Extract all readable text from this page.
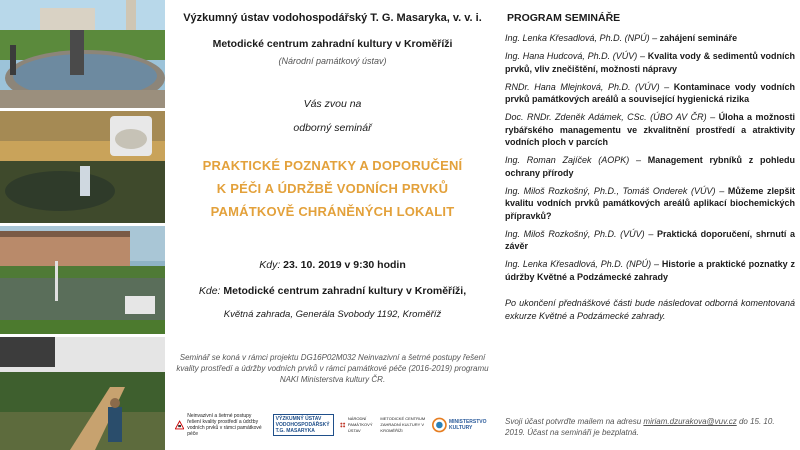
Výzkumný ústav vodohospodářský T. G. Masaryka, v. v. i.
Metodické centrum zahradní kultury v Kroměříži
(Národní památkový ústav)
Vás zvou na
odborný seminář
PRAKTICKÉ POZNATKY A DOPORUČENÍ
K PÉČI A ÚDRŽBĚ VODNÍCH PRVKŮ
PAMÁTKOVĚ CHRÁNĚNÝCH LOKALIT
Kdy: 23. 10. 2019 v 9:30 hodin
Kde: Metodické centrum zahradní kultury v Kroměříži,
Květná zahrada, Generála Svobody 1192, Kroměříž
Seminář se koná v rámci projektu DG16P02M032 Neinvazivní a šetrné postupy řešení kvality prostředí a údržby vodních prvků v rámci památkové péče (2016-2019) programu NAKI Ministerstva kultury ČR.
Neinvazivní a šetrné postupy řešení kvality prostředí a údržby vodních prvků v rámci památkové péče
VÝZKUMNÝ ÚSTAV VODOHOSPODÁŘSKÝ T.G. MASARYKA
NÁRODNÍ PAMÁTKOVÝ ÚSTAV
METODICKÉ CENTRUM ZAHRADNÍ KULTURY V KROMĚŘÍŽI
MINISTERSTVO KULTURY
PROGRAM SEMINÁŘE
Ing. Lenka Křesadlová, Ph.D. (NPÚ) – zahájení semináře
Ing. Hana Hudcová, Ph.D. (VÚV) – Kvalita vody & sedimentů vodních prvků, vliv znečištění, možnosti nápravy
RNDr. Hana Mlejnková, Ph.D. (VÚV) – Kontaminace vody vodních prvků památkových areálů a související hygienická rizika
Doc. RNDr. Zdeněk Adámek, CSc. (ÚBO AV ČR) – Úloha a možnosti rybářského managementu ve zkvalitnění prostředí a atraktivity vodních ploch v parcích
Ing. Roman Zajíček (AOPK) – Management rybníků z pohledu ochrany přírody
Ing. Miloš Rozkošný, Ph.D., Tomáš Onderek (VÚV) – Můžeme zlepšit kvalitu vodních prvků památkových areálů aplikací biochemických přípravků?
Ing. Miloš Rozkošný, Ph.D. (VÚV) – Praktická doporučení, shrnutí a závěr
Ing. Lenka Křesadlová, Ph.D. (NPÚ) – Historie a praktické poznatky z údržby Květné a Podzámecké zahrady
Po ukončení přednáškové části bude následovat odborná komentovaná exkurze Květné a Podzámecké zahrady.
Svoji účast potvrďte mailem na adresu miriam.dzurakova@vuv.cz do 15. 10. 2019. Účast na semináři je bezplatná.
